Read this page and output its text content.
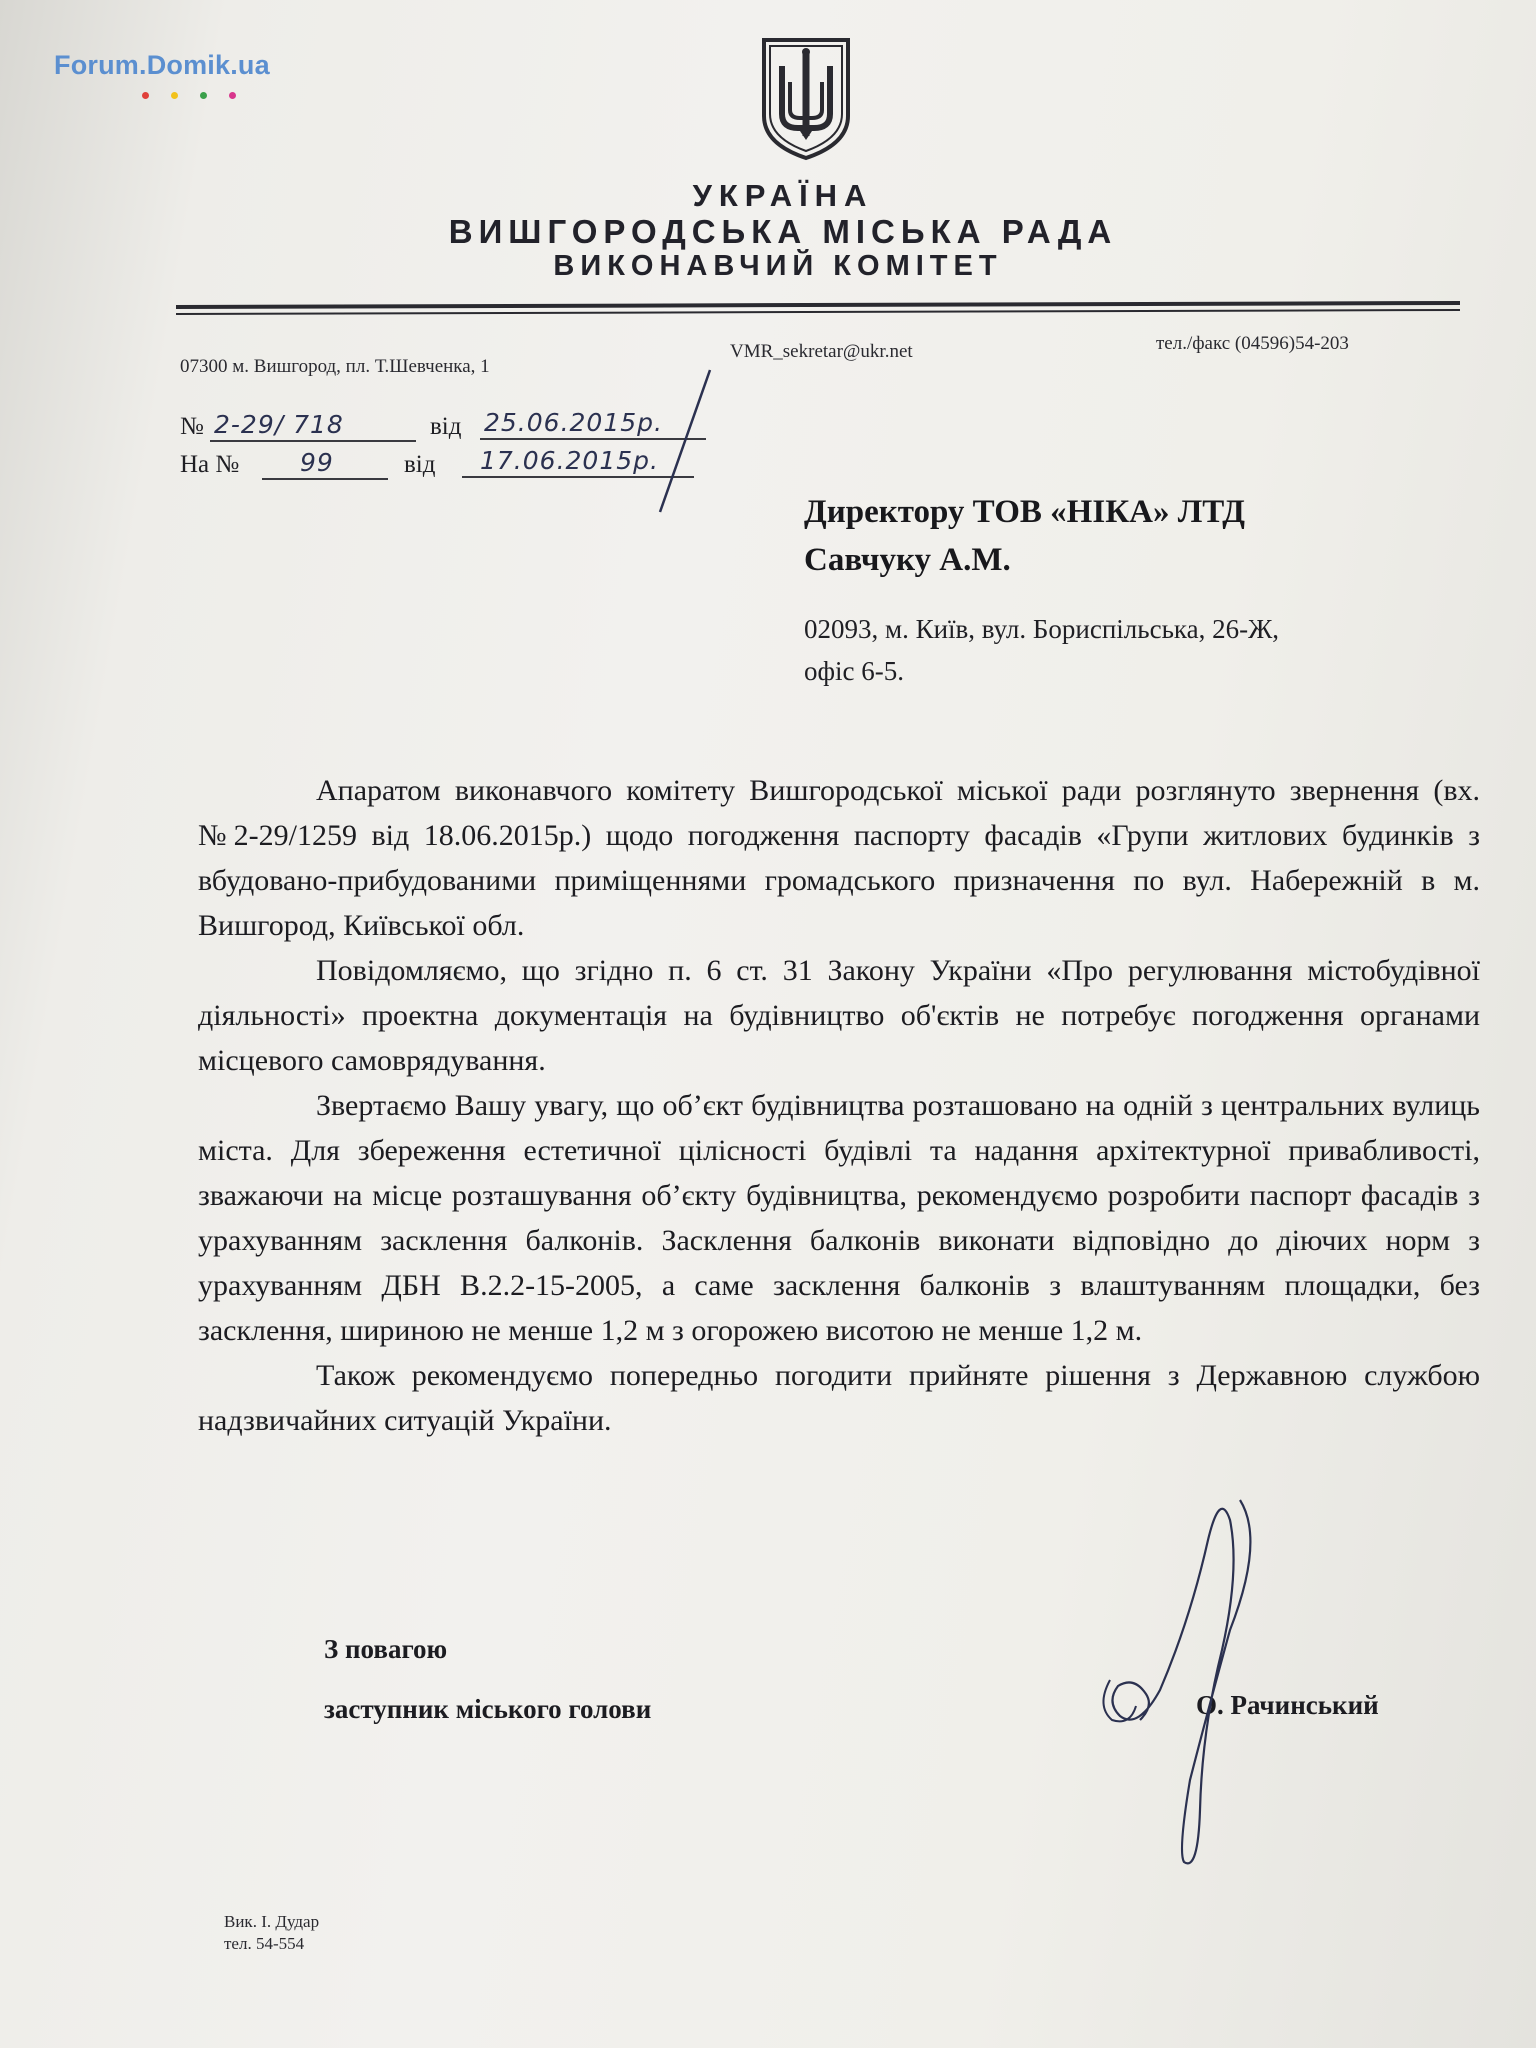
Forum.Domik.ua
УКРАЇНА
ВИШГОРОДСЬКА МІСЬКА РАДА
ВИКОНАВЧИЙ КОМІТЕТ
07300 м. Вишгород, пл. Т.Шевченка, 1
VMR_sekretar@ukr.net	тел./факс (04596)54-203
№ 2-29/ 718	від 25.06.2015р.
На № 99	від 17.06.2015р.
Директору ТОВ «НІКА» ЛТД
Савчуку А.М.
02093, м. Київ, вул. Бориспільська, 26-Ж,
офіс 6-5.

Апаратом виконавчого комітету Вишгородської міської ради розглянуто звернення (вх. №2-29/1259 від 18.06.2015р.) щодо погодження паспорту фасадів «Групи житлових будинків з вбудовано-прибудованими приміщеннями громадського призначення по вул. Набережній в м. Вишгород, Київської обл.

Повідомляємо, що згідно п. 6 ст. 31 Закону України «Про регулювання містобудівної діяльності» проектна документація на будівництво об'єктів не потребує погодження органами місцевого самоврядування.

Звертаємо Вашу увагу, що об’єкт будівництва розташовано на одній з центральних вулиць міста. Для збереження естетичної цілісності будівлі та надання архітектурної привабливості, зважаючи на місце розташування об’єкту будівництва, рекомендуємо розробити паспорт фасадів з урахуванням засклення балконів. Засклення балконів виконати відповідно до діючих норм з урахуванням ДБН В.2.2-15-2005, а саме засклення балконів з влаштуванням площадки, без засклення, шириною не менше 1,2 м з огорожею висотою не менше 1,2 м.

Також рекомендуємо попередньо погодити прийняте рішення з Державною службою надзвичайних ситуацій України.

З повагою
заступник міського голови	О. Рачинський
Вик. І. Дудар
тел. 54-554
